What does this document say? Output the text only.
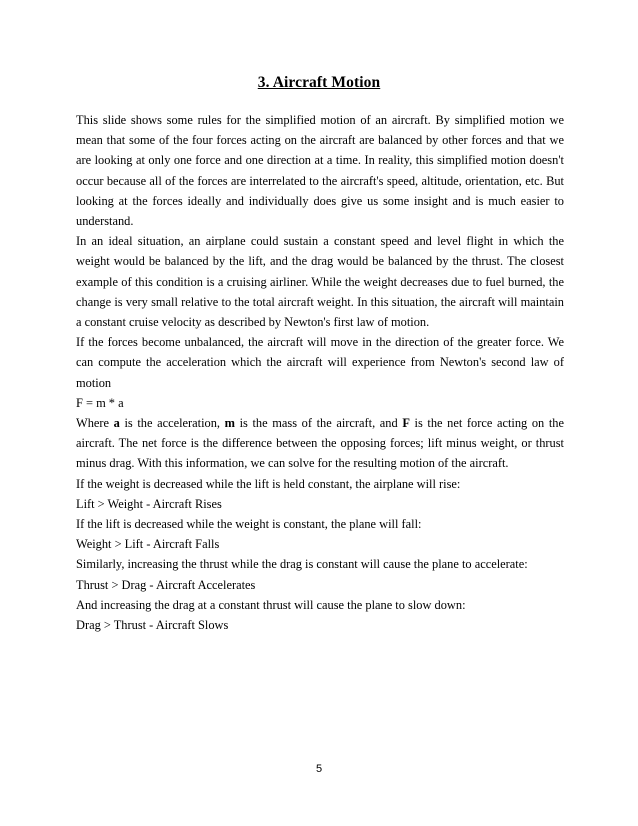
3. Aircraft Motion

This slide shows some rules for the simplified motion of an aircraft. By simplified motion we mean that some of the four forces acting on the aircraft are balanced by other forces and that we are looking at only one force and one direction at a time. In reality, this simplified motion doesn't occur because all of the forces are interrelated to the aircraft's speed, altitude, orientation, etc. But looking at the forces ideally and individually does give us some insight and is much easier to understand.

In an ideal situation, an airplane could sustain a constant speed and level flight in which the weight would be balanced by the lift, and the drag would be balanced by the thrust. The closest example of this condition is a cruising airliner. While the weight decreases due to fuel burned, the change is very small relative to the total aircraft weight. In this situation, the aircraft will maintain a constant cruise velocity as described by Newton's first law of motion.

If the forces become unbalanced, the aircraft will move in the direction of the greater force. We can compute the acceleration which the aircraft will experience from Newton's second law of motion

F = m * a

Where a is the acceleration, m is the mass of the aircraft, and F is the net force acting on the aircraft. The net force is the difference between the opposing forces; lift minus weight, or thrust minus drag. With this information, we can solve for the resulting motion of the aircraft.

If the weight is decreased while the lift is held constant, the airplane will rise:

Lift > Weight - Aircraft Rises

If the lift is decreased while the weight is constant, the plane will fall:

Weight > Lift - Aircraft Falls

Similarly, increasing the thrust while the drag is constant will cause the plane to accelerate:

Thrust > Drag - Aircraft Accelerates

And increasing the drag at a constant thrust will cause the plane to slow down:

Drag > Thrust - Aircraft Slows

5
